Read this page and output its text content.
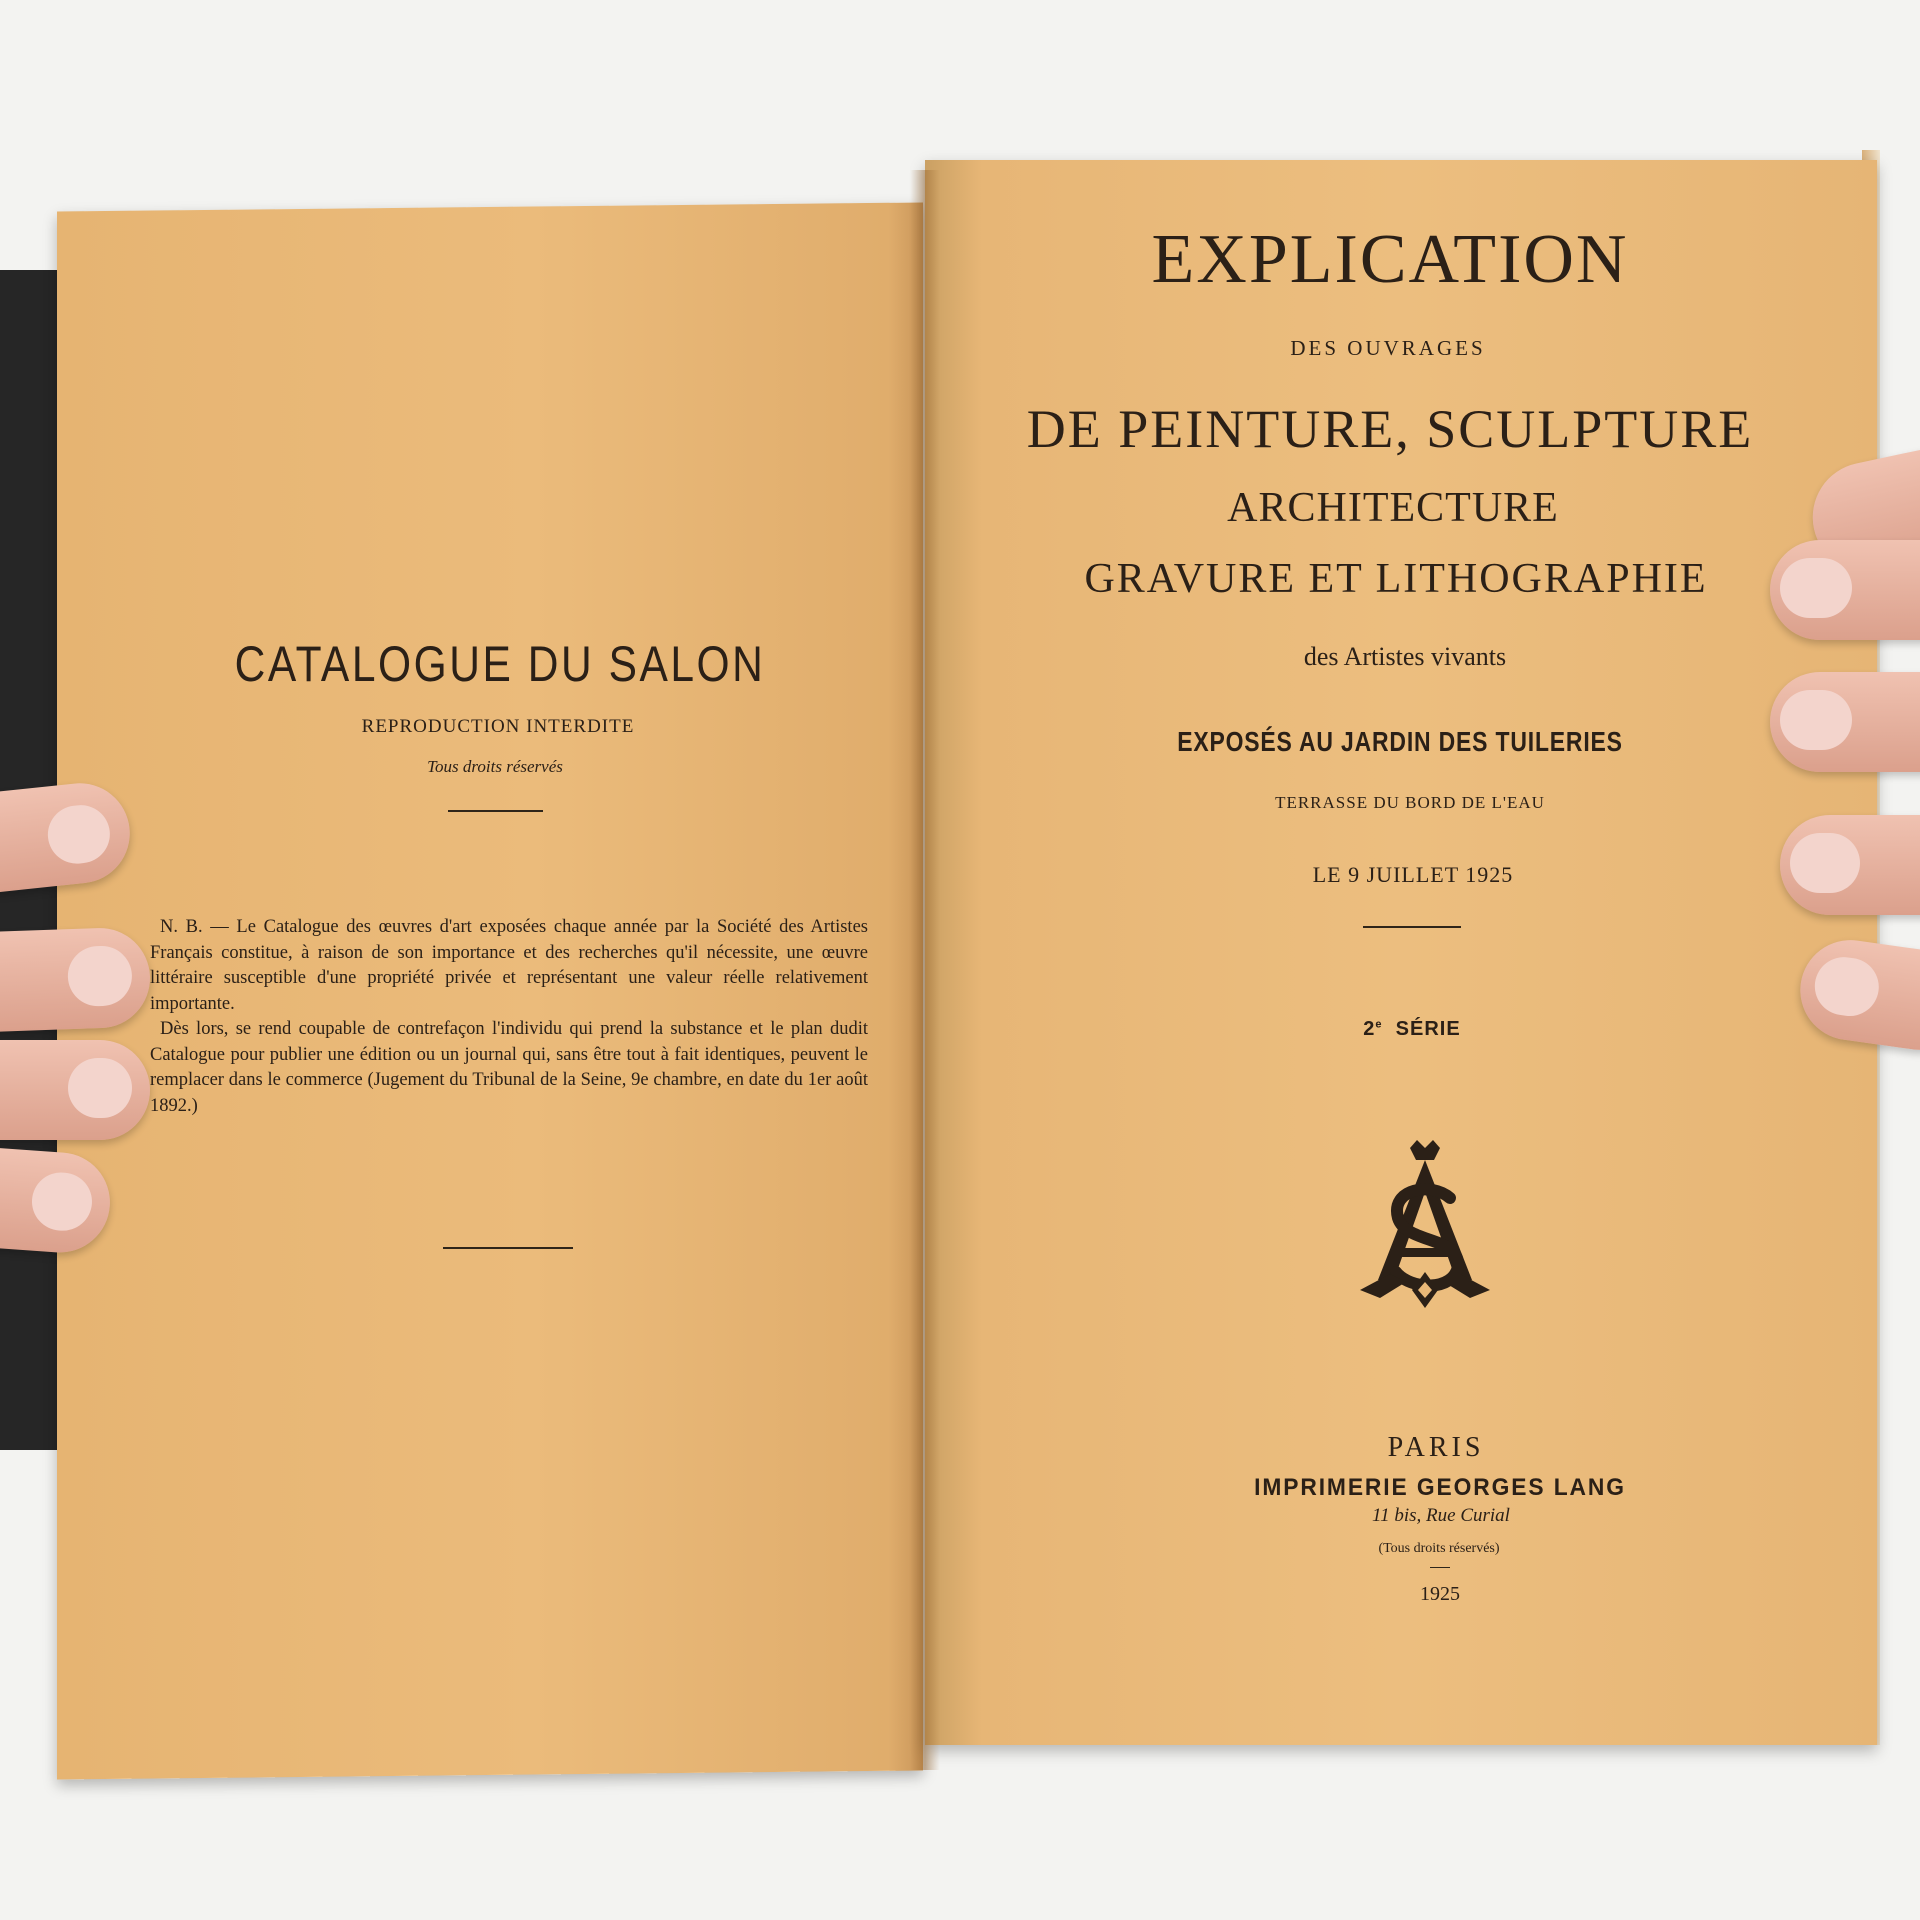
CATALOGUE DU SALON
REPRODUCTION INTERDITE
Tous droits réservés

N. B. — Le Catalogue des œuvres d'art exposées chaque année par la Société des Artistes Français constitue, à raison de son importance et des recherches qu'il nécessite, une œuvre littéraire susceptible d'une propriété privée et représentant une valeur réelle relativement importante.

Dès lors, se rend coupable de contrefaçon l'individu qui prend la substance et le plan dudit Catalogue pour publier une édition ou un journal qui, sans être tout à fait identiques, peuvent le remplacer dans le commerce (Jugement du Tribunal de la Seine, 9e chambre, en date du 1er août 1892.)

EXPLICATION
DES OUVRAGES
DE PEINTURE, SCULPTURE
ARCHITECTURE
GRAVURE ET LITHOGRAPHIE
des Artistes vivants
EXPOSÉS AU JARDIN DES TUILERIES
TERRASSE DU BORD DE L'EAU
LE 9 JUILLET 1925
2e SÉRIE
PARIS
IMPRIMERIE GEORGES LANG
11 bis, Rue Curial
(Tous droits réservés)
1925
